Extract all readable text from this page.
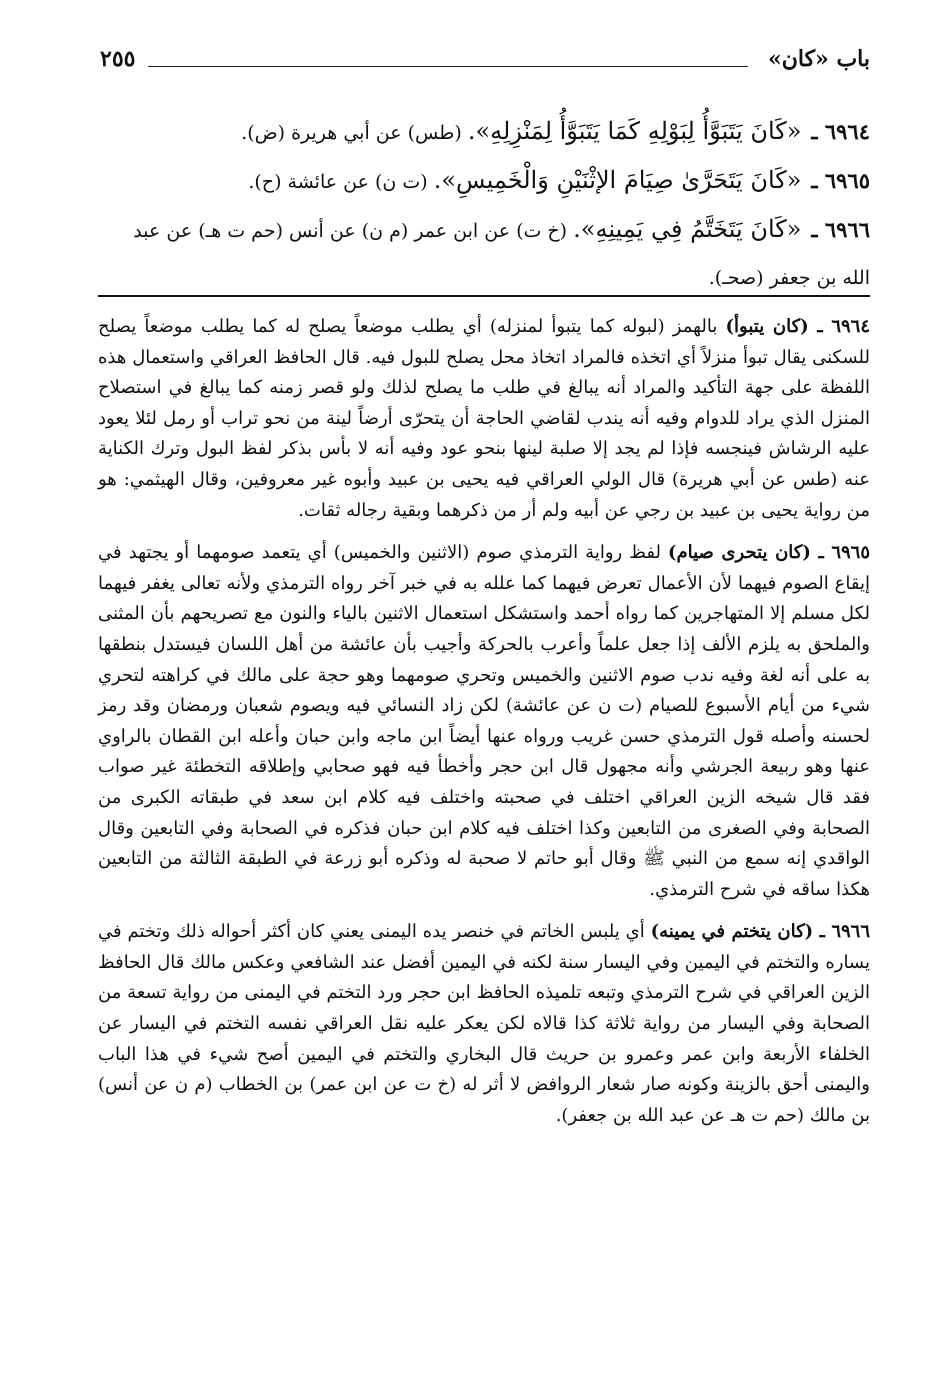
٢٥٥	باب «كان»

٦٩٦٤ ـ«كَانَ يَتَبَوَّأُ لِبَوْلِهِ كَمَا يَتَبَوَّأُ لِمَنْزِلِهِ». (طس) عن أبي هريرة (ض).

٦٩٦٥ ـ«كَانَ يَتَحَرَّىٰ صِيَامَ الإثْنَيْنِ وَالْخَمِيسِ». (ت ن) عن عائشة (ح).

٦٩٦٦ ـ«كَانَ يَتَخَتَّمُ فِي يَمِينِهِ». (خ ت) عن ابن عمر (م ن) عن أنس (حم ت هـ) عن عبد الله بن جعفر (صحـ).

٦٩٦٤ ـ (كان يتبوأ) بالهمز (لبوله كما يتبوأ لمنزله) أي يطلب موضعاً يصلح له كما يطلب موضعاً يصلح للسكنى يقال تبوأ منزلاً أي اتخذه فالمراد اتخاذ محل يصلح للبول فيه. قال الحافظ العراقي واستعمال هذه اللفظة على جهة التأكيد والمراد أنه يبالغ في طلب ما يصلح لذلك ولو قصر زمنه كما يبالغ في استصلاح المنزل الذي يراد للدوام وفيه أنه يندب لقاضي الحاجة أن يتحرّى أرضاً لينة من نحو تراب أو رمل لئلا يعود عليه الرشاش فينجسه فإذا لم يجد إلا صلبة لينها بنحو عود وفيه أنه لا بأس بذكر لفظ البول وترك الكناية عنه (طس عن أبي هريرة) قال الولي العراقي فيه يحيى بن عبيد وأبوه غير معروفين، وقال الهيثمي: هو من رواية يحيى بن عبيد بن رجي عن أبيه ولم أر من ذكرهما وبقية رجاله ثقات.

٦٩٦٥ ـ (كان يتحرى صيام) لفظ رواية الترمذي صوم (الاثنين والخميس) أي يتعمد صومهما أو يجتهد في إيقاع الصوم فيهما لأن الأعمال تعرض فيهما كما علله به في خبر آخر رواه الترمذي ولأنه تعالى يغفر فيهما لكل مسلم إلا المتهاجرين كما رواه أحمد واستشكل استعمال الاثنين بالياء والنون مع تصريحهم بأن المثنى والملحق به يلزم الألف إذا جعل علماً وأعرب بالحركة وأجيب بأن عائشة من أهل اللسان فيستدل بنطقها به على أنه لغة وفيه ندب صوم الاثنين والخميس وتحري صومهما وهو حجة على مالك في كراهته لتحري شيء من أيام الأسبوع للصيام (ت ن عن عائشة) لكن زاد النسائي فيه ويصوم شعبان ورمضان وقد رمز لحسنه وأصله قول الترمذي حسن غريب ورواه عنها أيضاً ابن ماجه وابن حبان وأعله ابن القطان بالراوي عنها وهو ربيعة الجرشي وأنه مجهول قال ابن حجر وأخطأ فيه فهو صحابي وإطلاقه التخطئة غير صواب فقد قال شيخه الزين العراقي اختلف في صحبته واختلف فيه كلام ابن سعد في طبقاته الكبرى من الصحابة وفي الصغرى من التابعين وكذا اختلف فيه كلام ابن حبان فذكره في الصحابة وفي التابعين وقال الواقدي إنه سمع من النبي ﷺ وقال أبو حاتم لا صحبة له وذكره أبو زرعة في الطبقة الثالثة من التابعين هكذا ساقه في شرح الترمذي.

٦٩٦٦ ـ (كان يتختم في يمينه) أي يلبس الخاتم في خنصر يده اليمنى يعني كان أكثر أحواله ذلك وتختم في يساره والتختم في اليمين وفي اليسار سنة لكنه في اليمين أفضل عند الشافعي وعكس مالك قال الحافظ الزين العراقي في شرح الترمذي وتبعه تلميذه الحافظ ابن حجر ورد التختم في اليمنى من رواية تسعة من الصحابة وفي اليسار من رواية ثلاثة كذا قالاه لكن يعكر عليه نقل العراقي نفسه التختم في اليسار عن الخلفاء الأربعة وابن عمر وعمرو بن حريث قال البخاري والتختم في اليمين أصح شيء في هذا الباب واليمنى أحق بالزينة وكونه صار شعار الروافض لا أثر له (خ ت عن ابن عمر) بن الخطاب (م ن عن أنس) بن مالك (حم ت هـ عن عبد الله بن جعفر).
